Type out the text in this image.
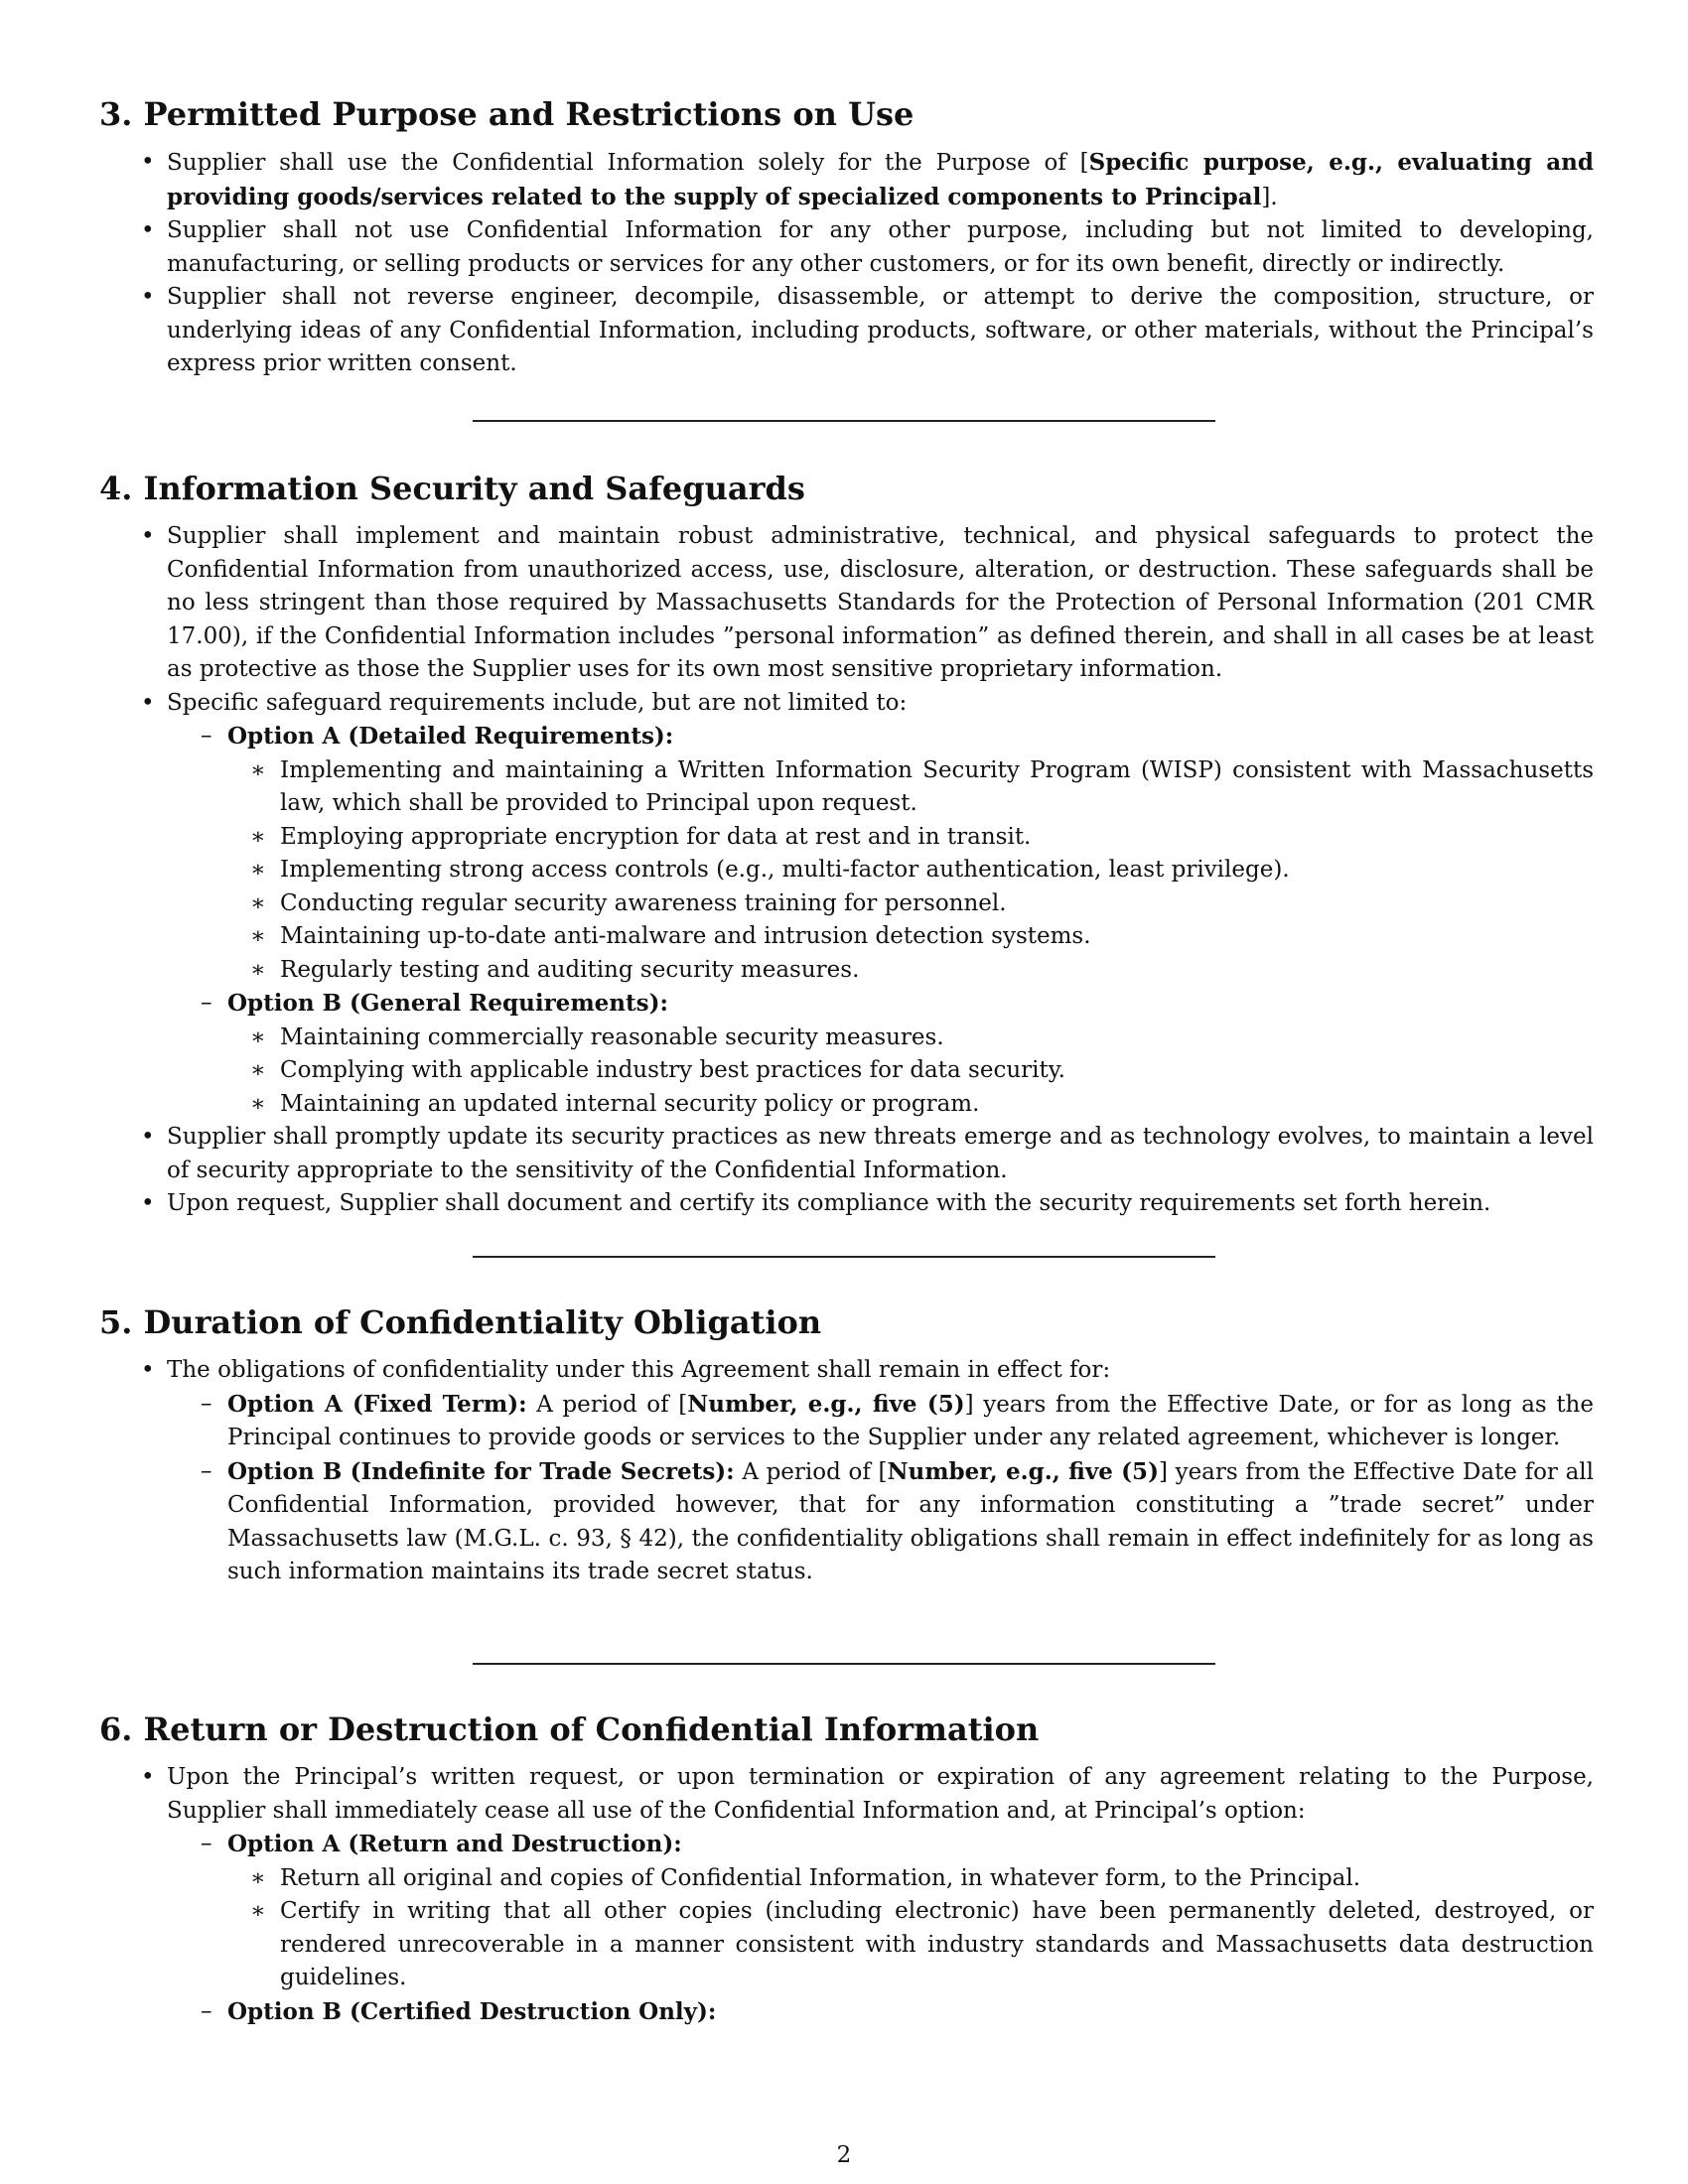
3. Permitted Purpose and Restrictions on Use
• Supplier shall use the Confidential Information solely for the Purpose of [Specific purpose, e.g., evaluating and providing goods/services related to the supply of specialized components to Principal].
• Supplier shall not use Confidential Information for any other purpose, including but not limited to developing, manufacturing, or selling products or services for any other customers, or for its own benefit, directly or indirectly.
• Supplier shall not reverse engineer, decompile, disassemble, or attempt to derive the composition, structure, or underlying ideas of any Confidential Information, including products, software, or other materials, without the Principal’s express prior written consent.
4. Information Security and Safeguards
• Supplier shall implement and maintain robust administrative, technical, and physical safeguards to protect the Confidential Information from unauthorized access, use, disclosure, alteration, or destruction. These safeguards shall be no less stringent than those required by Massachusetts Standards for the Protection of Personal Information (201 CMR 17.00), if the Confidential Information includes ”personal information” as defined therein, and shall in all cases be at least as protective as those the Supplier uses for its own most sensitive proprietary information.
• Specific safeguard requirements include, but are not limited to:
– Option A (Detailed Requirements):
∗ Implementing and maintaining a Written Information Security Program (WISP) consistent with Massachusetts law, which shall be provided to Principal upon request.
∗ Employing appropriate encryption for data at rest and in transit.
∗ Implementing strong access controls (e.g., multi-factor authentication, least privilege).
∗ Conducting regular security awareness training for personnel.
∗ Maintaining up-to-date anti-malware and intrusion detection systems.
∗ Regularly testing and auditing security measures.
– Option B (General Requirements):
∗ Maintaining commercially reasonable security measures.
∗ Complying with applicable industry best practices for data security.
∗ Maintaining an updated internal security policy or program.
• Supplier shall promptly update its security practices as new threats emerge and as technology evolves, to maintain a level of security appropriate to the sensitivity of the Confidential Information.
• Upon request, Supplier shall document and certify its compliance with the security requirements set forth herein.
5. Duration of Confidentiality Obligation
• The obligations of confidentiality under this Agreement shall remain in effect for:
– Option A (Fixed Term): A period of [Number, e.g., five (5)] years from the Effective Date, or for as long as the Principal continues to provide goods or services to the Supplier under any related agreement, whichever is longer.
– Option B (Indefinite for Trade Secrets): A period of [Number, e.g., five (5)] years from the Effective Date for all Confidential Information, provided however, that for any information constituting a ”trade secret” under Massachusetts law (M.G.L. c. 93, § 42), the confidentiality obligations shall remain in effect indefinitely for as long as such information maintains its trade secret status.
6. Return or Destruction of Confidential Information
• Upon the Principal’s written request, or upon termination or expiration of any agreement relating to the Purpose, Supplier shall immediately cease all use of the Confidential Information and, at Principal’s option:
– Option A (Return and Destruction):
∗ Return all original and copies of Confidential Information, in whatever form, to the Principal.
∗ Certify in writing that all other copies (including electronic) have been permanently deleted, destroyed, or rendered unrecoverable in a manner consistent with industry standards and Massachusetts data destruction guidelines.
– Option B (Certified Destruction Only):
2
